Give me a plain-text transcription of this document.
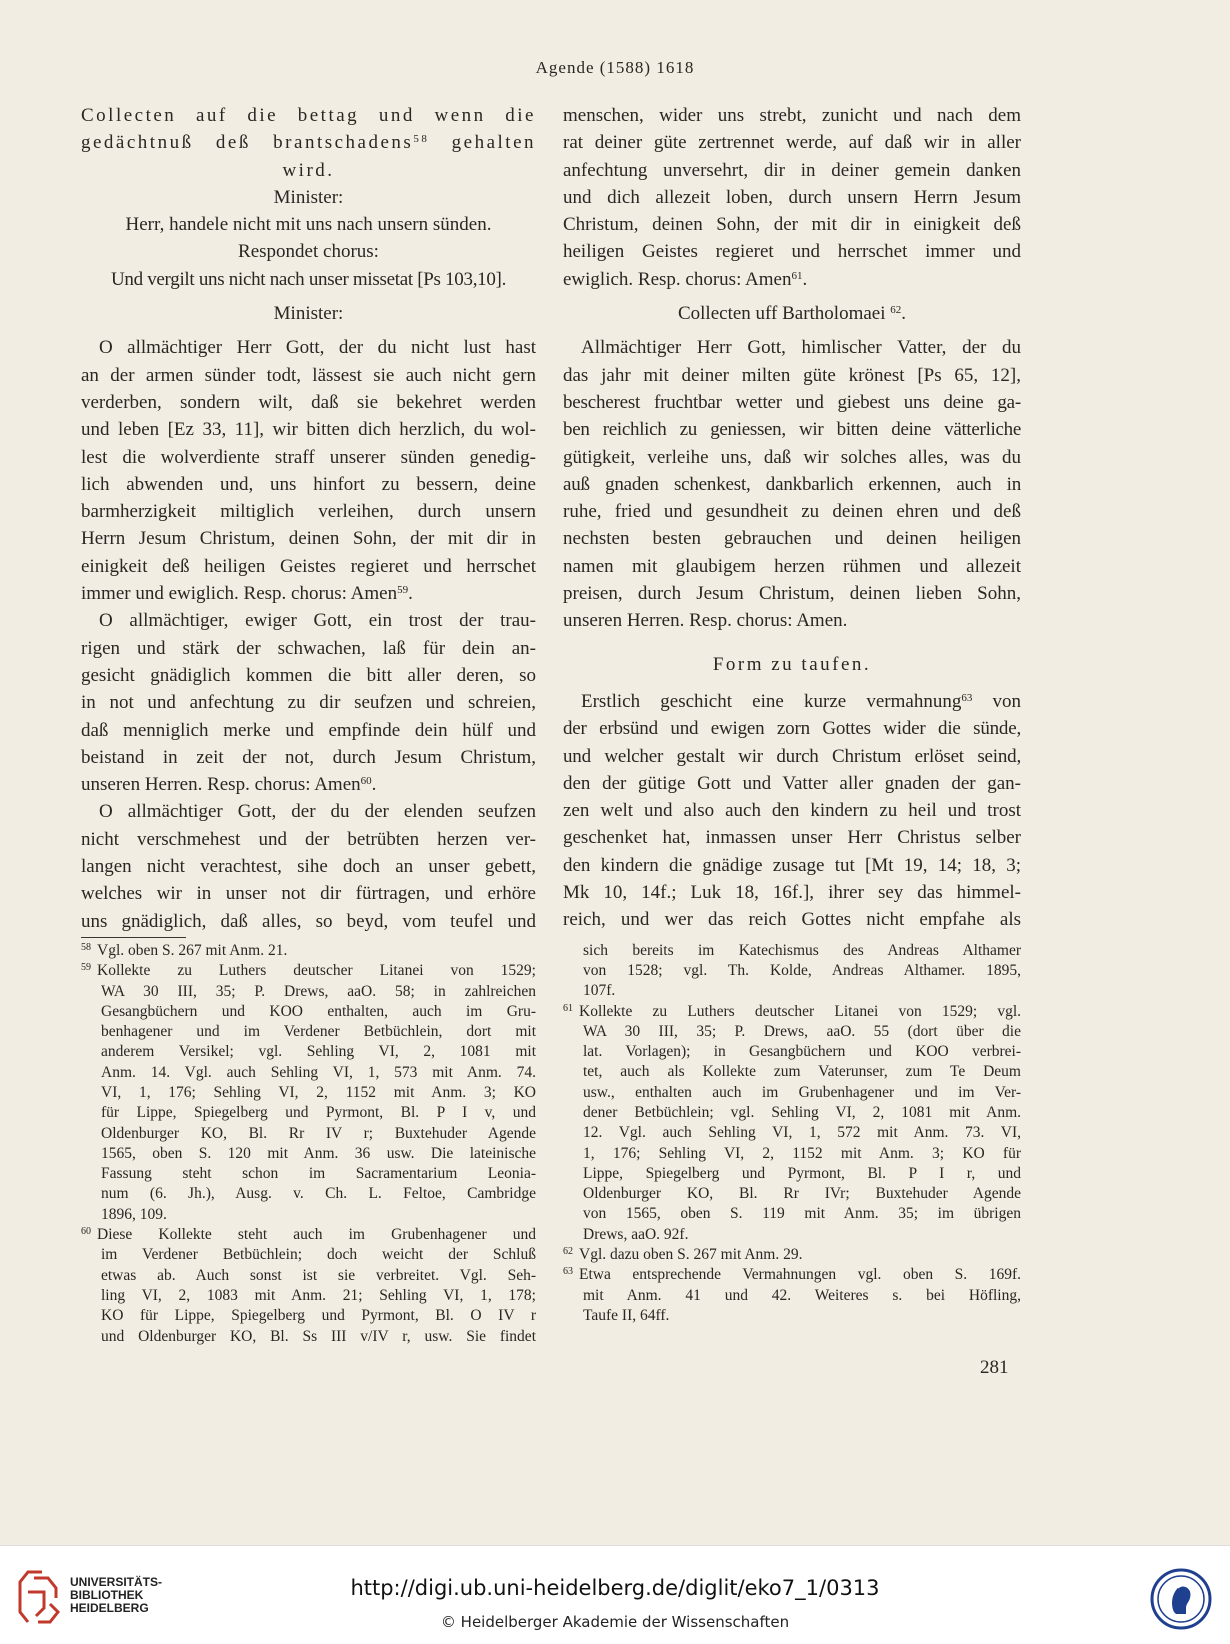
Agende (1588) 1618
Collecten auf die bettag und wenn die
gedächtnuß deß brantschadens$^{58}$ gehalten
wird.
Minister:
Herr, handele nicht mit uns nach unsern sünden.
Respondet chorus:
Und vergilt uns nicht nach unser missetat [Ps 103,10].
Minister:
O allmächtiger Herr Gott, der du nicht lust hast
an der armen sünder todt, lässest sie auch nicht gern
verderben, sondern wilt, daß sie bekehret werden
und leben [Ez 33, 11], wir bitten dich herzlich, du wol-
lest die wolverdiente straff unserer sünden genedig-
lich abwenden und, uns hinfort zu bessern, deine
barmherzigkeit miltiglich verleihen, durch unsern
Herrn Jesum Christum, deinen Sohn, der mit dir in
einigkeit deß heiligen Geistes regieret und herrschet
immer und ewiglich. Resp. chorus: Amen$^{59}$.
O allmächtiger, ewiger Gott, ein trost der trau-
rigen und stärk der schwachen, laß für dein an-
gesicht gnädiglich kommen die bitt aller deren, so
in not und anfechtung zu dir seufzen und schreien,
daß menniglich merke und empfinde dein hülf und
beistand in zeit der not, durch Jesum Christum,
unseren Herren. Resp. chorus: Amen$^{60}$.
O allmächtiger Gott, der du der elenden seufzen
nicht verschmehest und der betrübten herzen ver-
langen nicht verachtest, sihe doch an unser gebett,
welches wir in unser not dir fürtragen, und erhöre
uns gnädiglich, daß alles, so beyd, vom teufel und
$^{58}$ Vgl. oben S. 267 mit Anm. 21.
$^{59}$ Kollekte zu Luthers deutscher Litanei von 1529;
WA 30 III, 35; P. Drews, aaO. 58; in zahlreichen
Gesangbüchern und KOO enthalten, auch im Gru-
benhagener und im Verdener Betbüchlein, dort mit
anderem Versikel; vgl. Sehling VI, 2, 1081 mit
Anm. 14. Vgl. auch Sehling VI, 1, 573 mit Anm. 74.
VI, 1, 176; Sehling VI, 2, 1152 mit Anm. 3; KO
für Lippe, Spiegelberg und Pyrmont, Bl. P I v, und
Oldenburger KO, Bl. Rr IV r; Buxtehuder Agende
1565, oben S. 120 mit Anm. 36 usw. Die lateinische
Fassung steht schon im Sacramentarium Leonia-
num (6. Jh.), Ausg. v. Ch. L. Feltoe, Cambridge
1896, 109.
$^{60}$ Diese Kollekte steht auch im Grubenhagener und
im Verdener Betbüchlein; doch weicht der Schluß
etwas ab. Auch sonst ist sie verbreitet. Vgl. Seh-
ling VI, 2, 1083 mit Anm. 21; Sehling VI, 1, 178;
KO für Lippe, Spiegelberg und Pyrmont, Bl. O IV r
und Oldenburger KO, Bl. Ss III v/IV r, usw. Sie findet
menschen, wider uns strebt, zunicht und nach dem
rat deiner güte zertrennet werde, auf daß wir in aller
anfechtung unversehrt, dir in deiner gemein danken
und dich allezeit loben, durch unsern Herrn Jesum
Christum, deinen Sohn, der mit dir in einigkeit deß
heiligen Geistes regieret und herrschet immer und
ewiglich. Resp. chorus: Amen$^{61}$.
Collecten uff Bartholomaei $^{62}$.
Allmächtiger Herr Gott, himlischer Vatter, der du
das jahr mit deiner milten güte krönest [Ps 65, 12],
bescherest fruchtbar wetter und giebest uns deine ga-
ben reichlich zu geniessen, wir bitten deine vätterliche
gütigkeit, verleihe uns, daß wir solches alles, was du
auß gnaden schenkest, dankbarlich erkennen, auch in
ruhe, fried und gesundheit zu deinen ehren und deß
nechsten besten gebrauchen und deinen heiligen
namen mit glaubigem herzen rühmen und allezeit
preisen, durch Jesum Christum, deinen lieben Sohn,
unseren Herren. Resp. chorus: Amen.
Form zu taufen.
Erstlich geschicht eine kurze vermahnung$^{63}$ von
der erbsünd und ewigen zorn Gottes wider die sünde,
und welcher gestalt wir durch Christum erlöset seind,
den der gütige Gott und Vatter aller gnaden der gan-
zen welt und also auch den kindern zu heil und trost
geschenket hat, inmassen unser Herr Christus selber
den kindern die gnädige zusage tut [Mt 19, 14; 18, 3;
Mk 10, 14f.; Luk 18, 16f.], ihrer sey das himmel-
reich, und wer das reich Gottes nicht empfahe als
sich bereits im Katechismus des Andreas Althamer
von 1528; vgl. Th. Kolde, Andreas Althamer. 1895,
107f.
$^{61}$ Kollekte zu Luthers deutscher Litanei von 1529; vgl.
WA 30 III, 35; P. Drews, aaO. 55 (dort über die
lat. Vorlagen); in Gesangbüchern und KOO verbrei-
tet, auch als Kollekte zum Vaterunser, zum Te Deum
usw., enthalten auch im Grubenhagener und im Ver-
dener Betbüchlein; vgl. Sehling VI, 2, 1081 mit Anm.
12. Vgl. auch Sehling VI, 1, 572 mit Anm. 73. VI,
1, 176; Sehling VI, 2, 1152 mit Anm. 3; KO für
Lippe, Spiegelberg und Pyrmont, Bl. P I r, und
Oldenburger KO, Bl. Rr IVr; Buxtehuder Agende
von 1565, oben S. 119 mit Anm. 35; im übrigen
Drews, aaO. 92f.
$^{62}$ Vgl. dazu oben S. 267 mit Anm. 29.
$^{63}$ Etwa entsprechende Vermahnungen vgl. oben S. 169f.
mit Anm. 41 und 42. Weiteres s. bei Höfling,
Taufe II, 64ff.
281
UNIVERSITÄTS-
BIBLIOTHEK
HEIDELBERG
http://digi.ub.uni-heidelberg.de/diglit/eko7_1/0313
© Heidelberger Akademie der Wissenschaften
